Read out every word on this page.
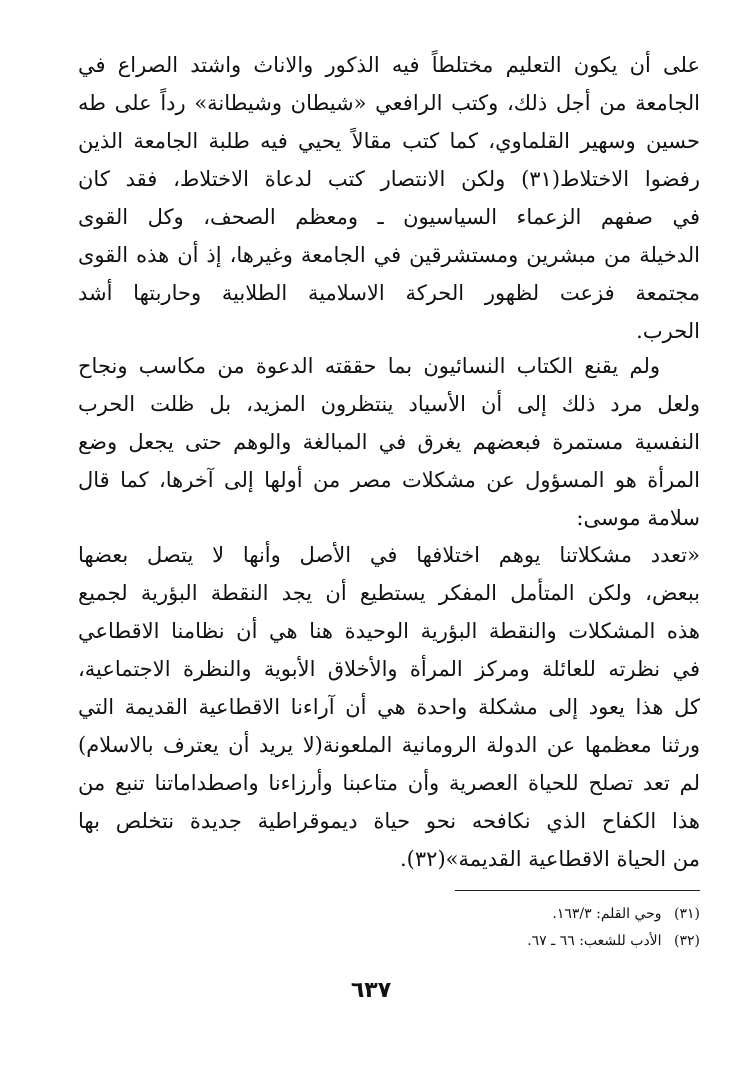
على أن يكون التعليم مختلطاً فيه الذكور والاناث واشتد الصراع في
الجامعة من أجل ذلك، وكتب الرافعي «شيطان وشيطانة» رداً على طه
حسين وسهير القلماوي، كما كتب مقالاً يحيي فيه طلبة الجامعة الذين
رفضوا الاختلاط(٣١) ولكن الانتصار كتب لدعاة الاختلاط، فقد كان
في صفهم الزعماء السياسيون ـ ومعظم الصحف، وكل القوى
الدخيلة من مبشرين ومستشرقين في الجامعة وغيرها، إذ أن هذه القوى
مجتمعة فزعت لظهور الحركة الاسلامية الطلابية وحاربتها أشد
الحرب.
ولم يقنع الكتاب النسائيون بما حققته الدعوة من مكاسب ونجاح
ولعل مرد ذلك إلى أن الأسياد ينتظرون المزيد، بل ظلت الحرب
النفسية مستمرة فبعضهم يغرق في المبالغة والوهم حتى يجعل وضع
المرأة هو المسؤول عن مشكلات مصر من أولها إلى آخرها، كما قال
سلامة موسى:
«تعدد مشكلاتنا يوهم اختلافها في الأصل وأنها لا يتصل بعضها
ببعض، ولكن المتأمل المفكر يستطيع أن يجد النقطة البؤرية لجميع
هذه المشكلات والنقطة البؤرية الوحيدة هنا هي أن نظامنا الاقطاعي
في نظرته للعائلة ومركز المرأة والأخلاق الأبوية والنظرة الاجتماعية،
كل هذا يعود إلى مشكلة واحدة هي أن آراءنا الاقطاعية القديمة التي
ورثنا معظمها عن الدولة الرومانية الملعونة(لا يريد أن يعترف بالاسلام)
لم تعد تصلح للحياة العصرية وأن متاعبنا وأرزاءنا واصطداماتنا تنبع من
هذا الكفاح الذي نكافحه نحو حياة ديموقراطية جديدة نتخلص بها
من الحياة الاقطاعية القديمة»(٣٢).
(٣١) وحي القلم: ١٦٣/٣.
(٣٢) الأدب للشعب: ٦٦ ـ ٦٧.
٦٣٧
